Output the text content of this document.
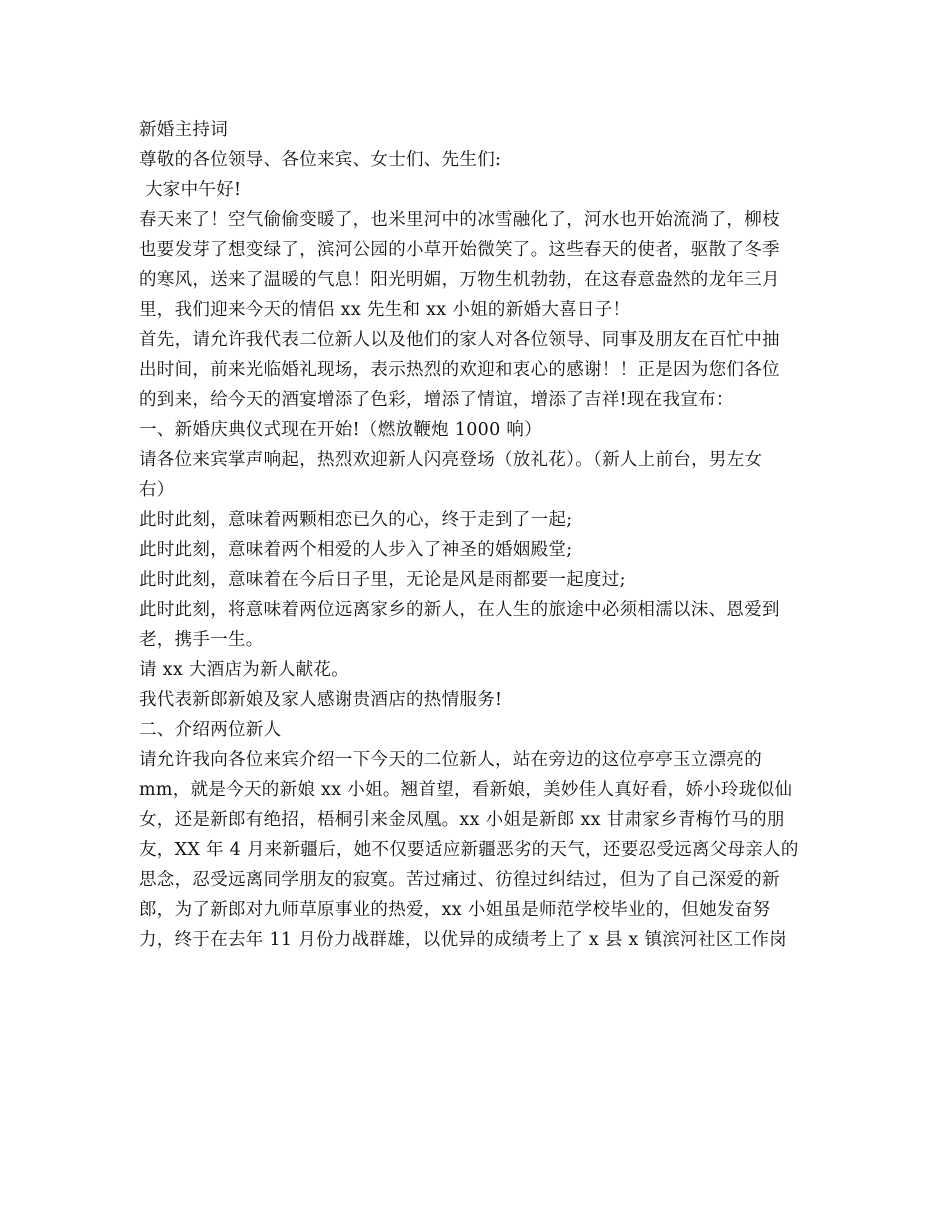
新婚主持词
尊敬的各位领导、各位来宾、女士们、先生们:
大家中午好!
春天来了！空气偷偷变暖了，也米里河中的冰雪融化了，河水也开始流淌了，柳枝
也要发芽了想变绿了，滨河公园的小草开始微笑了。这些春天的使者，驱散了冬季
的寒风，送来了温暖的气息！阳光明媚，万物生机勃勃，在这春意盎然的龙年三月
里，我们迎来今天的情侣 xx 先生和 xx 小姐的新婚大喜日子！
首先，请允许我代表二位新人以及他们的家人对各位领导、同事及朋友在百忙中抽
出时间，前来光临婚礼现场，表示热烈的欢迎和衷心的感谢！！正是因为您们各位
的到来，给今天的酒宴增添了色彩，增添了情谊，增添了吉祥!现在我宣布：
一、新婚庆典仪式现在开始!（燃放鞭炮 1000 响）
请各位来宾掌声响起，热烈欢迎新人闪亮登场（放礼花）。（新人上前台，男左女
右）
此时此刻，意味着两颗相恋已久的心，终于走到了一起;
此时此刻，意味着两个相爱的人步入了神圣的婚姻殿堂;
此时此刻，意味着在今后日子里，无论是风是雨都要一起度过;
此时此刻，将意味着两位远离家乡的新人，在人生的旅途中必须相濡以沫、恩爱到
老，携手一生。
请 xx 大酒店为新人献花。
我代表新郎新娘及家人感谢贵酒店的热情服务!
二、介绍两位新人
请允许我向各位来宾介绍一下今天的二位新人，站在旁边的这位亭亭玉立漂亮的
mm，就是今天的新娘 xx 小姐。翘首望，看新娘，美妙佳人真好看，娇小玲珑似仙
女，还是新郎有绝招，梧桐引来金凤凰。xx 小姐是新郎 xx 甘肃家乡青梅竹马的朋
友，XX 年 4 月来新疆后，她不仅要适应新疆恶劣的天气，还要忍受远离父母亲人的
思念，忍受远离同学朋友的寂寞。苦过痛过、彷徨过纠结过，但为了自己深爱的新
郎，为了新郎对九师草原事业的热爱，xx 小姐虽是师范学校毕业的，但她发奋努
力，终于在去年 11 月份力战群雄，以优异的成绩考上了 x 县 x 镇滨河社区工作岗
